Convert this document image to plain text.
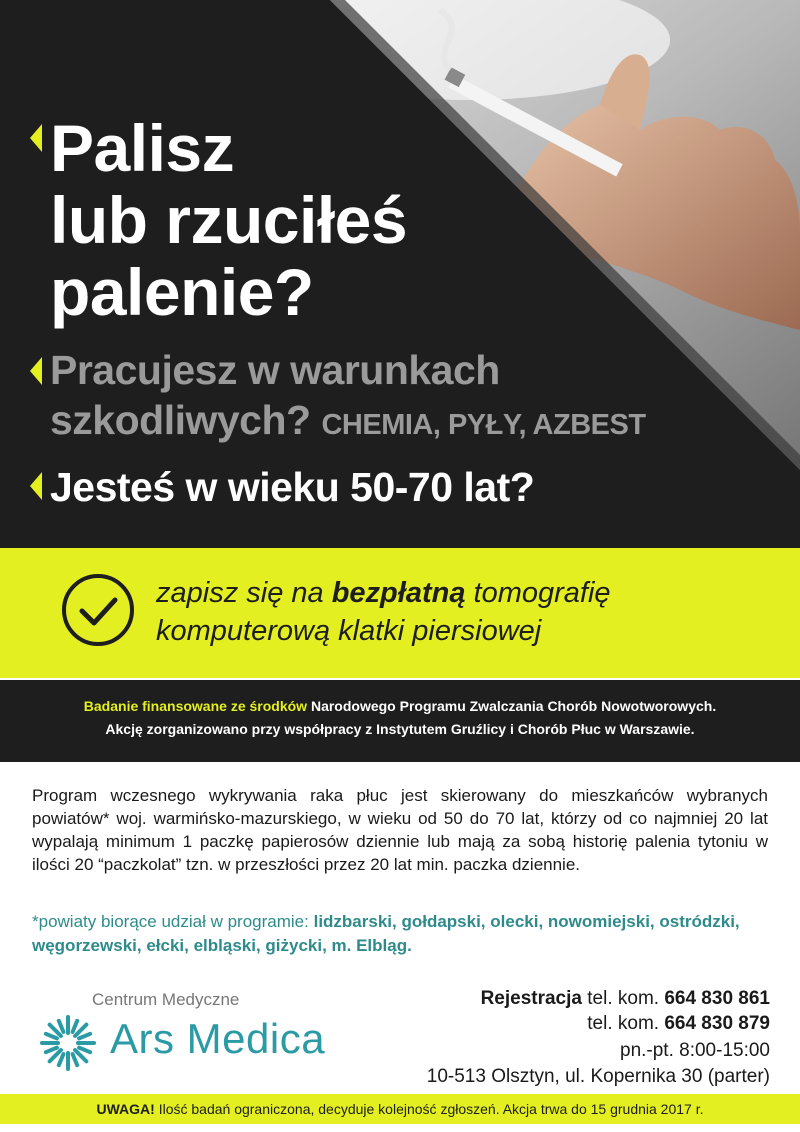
Palisz
lub rzuciłeś
palenie?
Pracujesz w warunkach
szkodliwych? CHEMIA, PYŁY, AZBEST
Jesteś w wieku 50-70 lat?
zapisz się na bezpłatną tomografię
komputerową klatki piersiowej
Badanie finansowane ze środków Narodowego Programu Zwalczania Chorób Nowotworowych.
Akcję zorganizowano przy współpracy z Instytutem Gruźlicy i Chorób Płuc w Warszawie.
Program wczesnego wykrywania raka płuc jest skierowany do mieszkańców wybranych powiatów* woj. warmińsko-mazurskiego, w wieku od 50 do 70 lat, którzy od co najmniej 20 lat wypalają minimum 1 paczkę papierosów dziennie lub mają za sobą historię palenia tytoniu w ilości 20 “paczkolat” tzn. w przeszłości przez 20 lat min. paczka dziennie.
*powiaty biorące udział w programie: lidzbarski, gołdapski, olecki, nowomiejski, ostródzki, węgorzewski, ełcki, elbląski, giżycki, m. Elbląg.
Centrum Medyczne
Ars Medica
Rejestracja tel. kom. 664 830 861
tel. kom. 664 830 879
pn.-pt. 8:00-15:00
10-513 Olsztyn, ul. Kopernika 30 (parter)
UWAGA! Ilość badań ograniczona, decyduje kolejność zgłoszeń. Akcja trwa do 15 grudnia 2017 r.
